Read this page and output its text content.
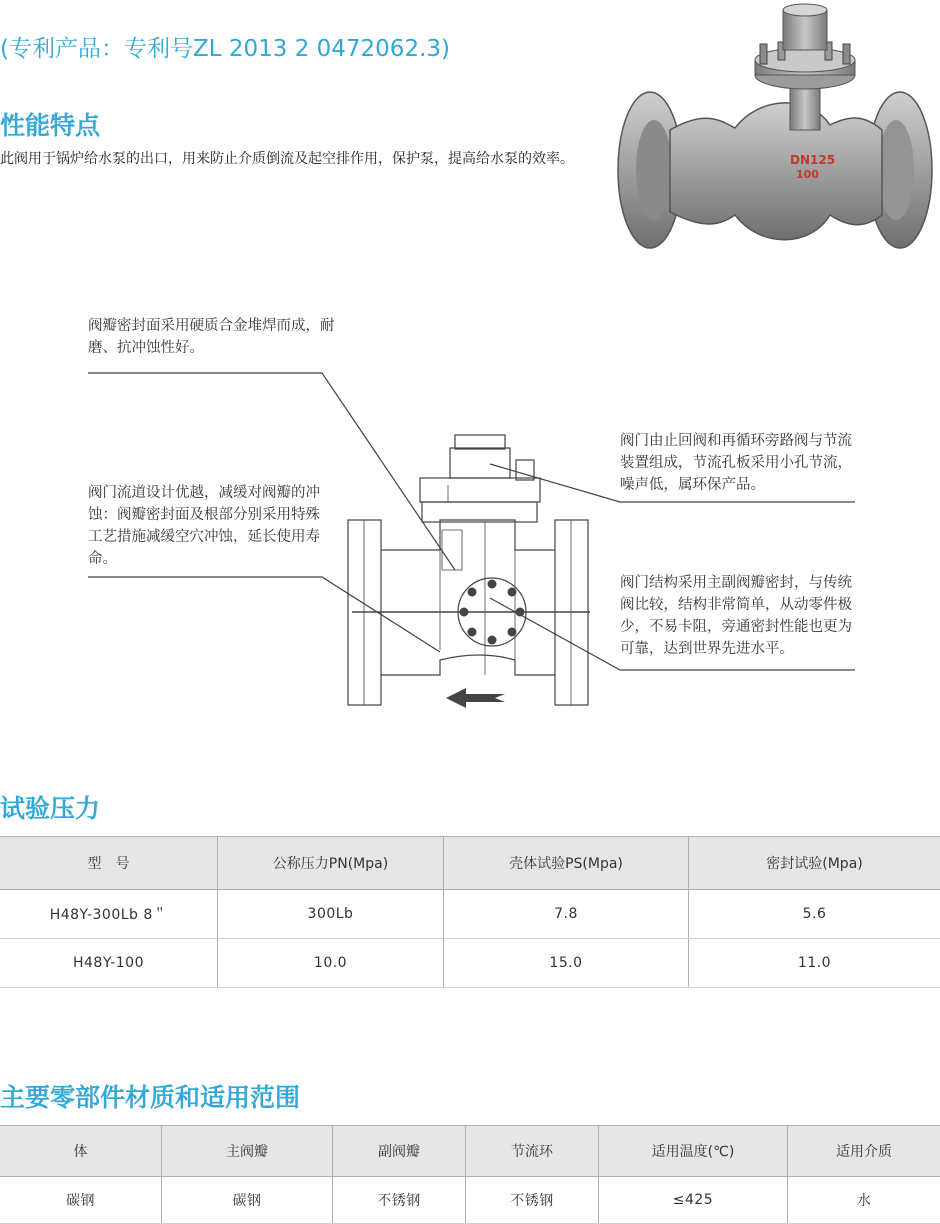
(专利产品：专利号ZL 2013 2 0472062.3)
性能特点
此阀用于锅炉给水泵的出口，用来防止介质倒流及起空排作用，保护泵，提高给水泵的效率。	DN125
100
阀瓣密封面采用硬质合金堆焊而成，耐磨、抗冲蚀性好。
阀门流道设计优越，减缓对阀瓣的冲蚀：阀瓣密封面及根部分别采用特殊工艺措施减缓空穴冲蚀，延长使用寿命。
阀门由止回阀和再循环旁路阀与节流装置组成，节流孔板采用小孔节流，噪声低，属环保产品。
阀门结构采用主副阀瓣密封，与传统阀比较，结构非常简单，从动零件极少，不易卡阻，旁通密封性能也更为可靠，达到世界先进水平。
试验压力
型　号	公称压力PN(Mpa)	壳体试验PS(Mpa)	密封试验(Mpa)
H48Y-300Lb 8＂	300Lb	7.8	5.6
H48Y-100	10.0	15.0	11.0
主要零部件材质和适用范围
体	主阀瓣	副阀瓣	节流环	适用温度(℃)	适用介质
碳钢	碳钢	不锈钢	不锈钢	≤425	水
